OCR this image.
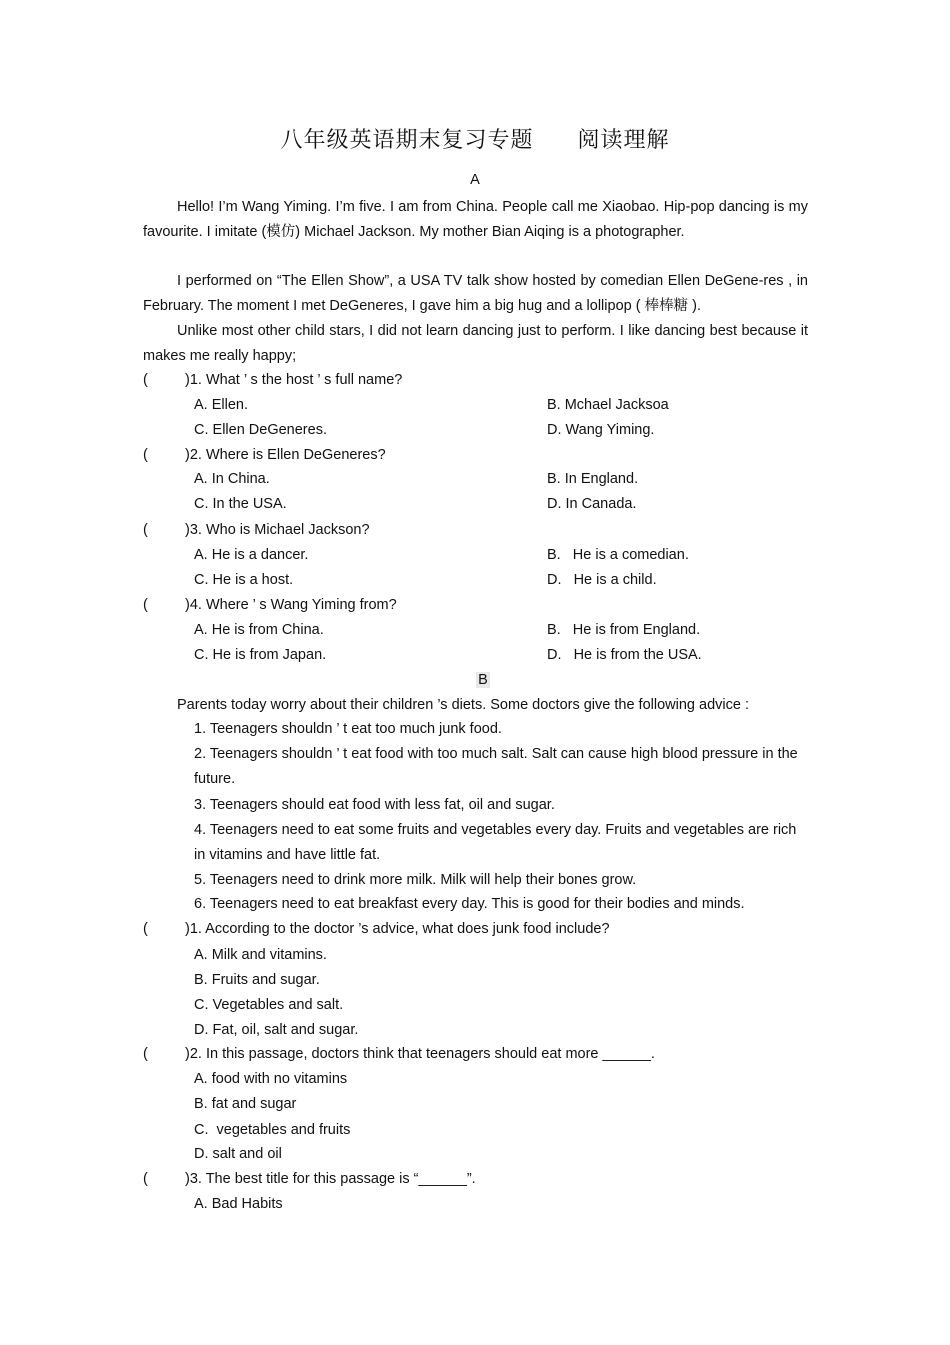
八年级英语期末复习专题 阅读理解
A
Hello! I’m Wang Yiming. I’m five. I am from China. People call me Xiaobao. Hip-pop dancing is my favourite. I imitate (模仿) Michael Jackson. My mother Bian Aiqing is a photographer.
I performed on “The Ellen Show”, a USA TV talk show hosted by comedian Ellen DeGene-res , in February. The moment I met DeGeneres, I gave him a big hug and a lollipop ( 棒棒糖 ).
Unlike most other child stars, I did not learn dancing just to perform. I like dancing best because it makes me really happy;
(	)1. What ’ s the host ’ s full name?
A. Ellen.	B. Mchael Jacksoa
C. Ellen DeGeneres.	D. Wang Yiming.
(	)2. Where is Ellen DeGeneres?
A. In China.	B. In England.
C. In the USA.	D. In Canada.
(	)3. Who is Michael Jackson?
A. He is a dancer.	B.   He is a comedian.
C. He is a host.	D.   He is a child.
(	)4. Where ’ s Wang Yiming from?
A. He is from China.	B.   He is from England.
C. He is from Japan.	D.   He is from the USA.
B
Parents today worry about their children ’s diets. Some doctors give the following advice :
1. Teenagers shouldn ’ t eat too much junk food.
2. Teenagers shouldn ’ t eat food with too much salt. Salt can cause high blood pressure in the future.
3. Teenagers should eat food with less fat, oil and sugar.
4. Teenagers need to eat some fruits and vegetables every day. Fruits and vegetables are rich in vitamins and have little fat.
5. Teenagers need to drink more milk. Milk will help their bones grow.
6. Teenagers need to eat breakfast every day. This is good for their bodies and minds.
(	)1. According to the doctor ’s advice, what does junk food include?
A. Milk and vitamins.
B. Fruits and sugar.
C. Vegetables and salt.
D. Fat, oil, salt and sugar.
(	)2. In this passage, doctors think that teenagers should eat more ______.
A. food with no vitamins
B. fat and sugar
C.  vegetables and fruits
D. salt and oil
(	)3. The best title for this passage is “______”.
A. Bad Habits
